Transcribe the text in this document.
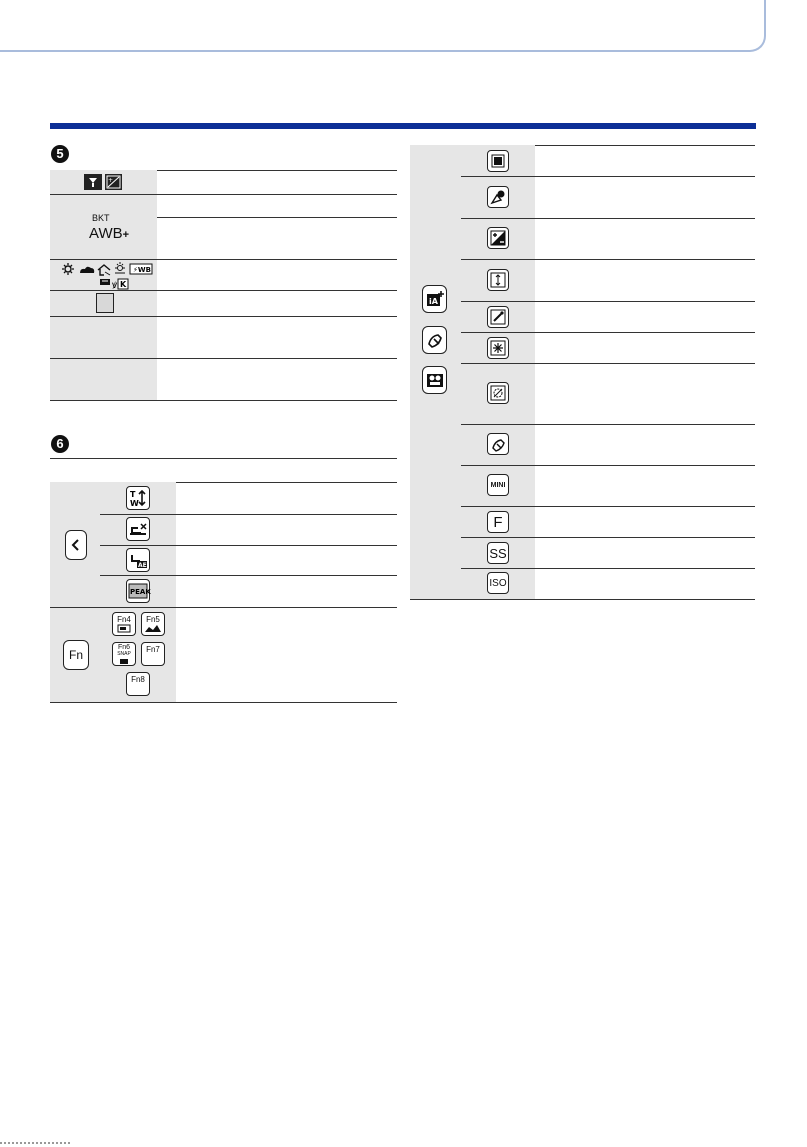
5
+
BKT
AWB+
⚡WB
ꝟ K
6
T
W
AE
PEAK
Fn
Fn4 Fn5
Fn6
SNAP Fn7
Fn8
iA
MINI
F
SS
ISO
